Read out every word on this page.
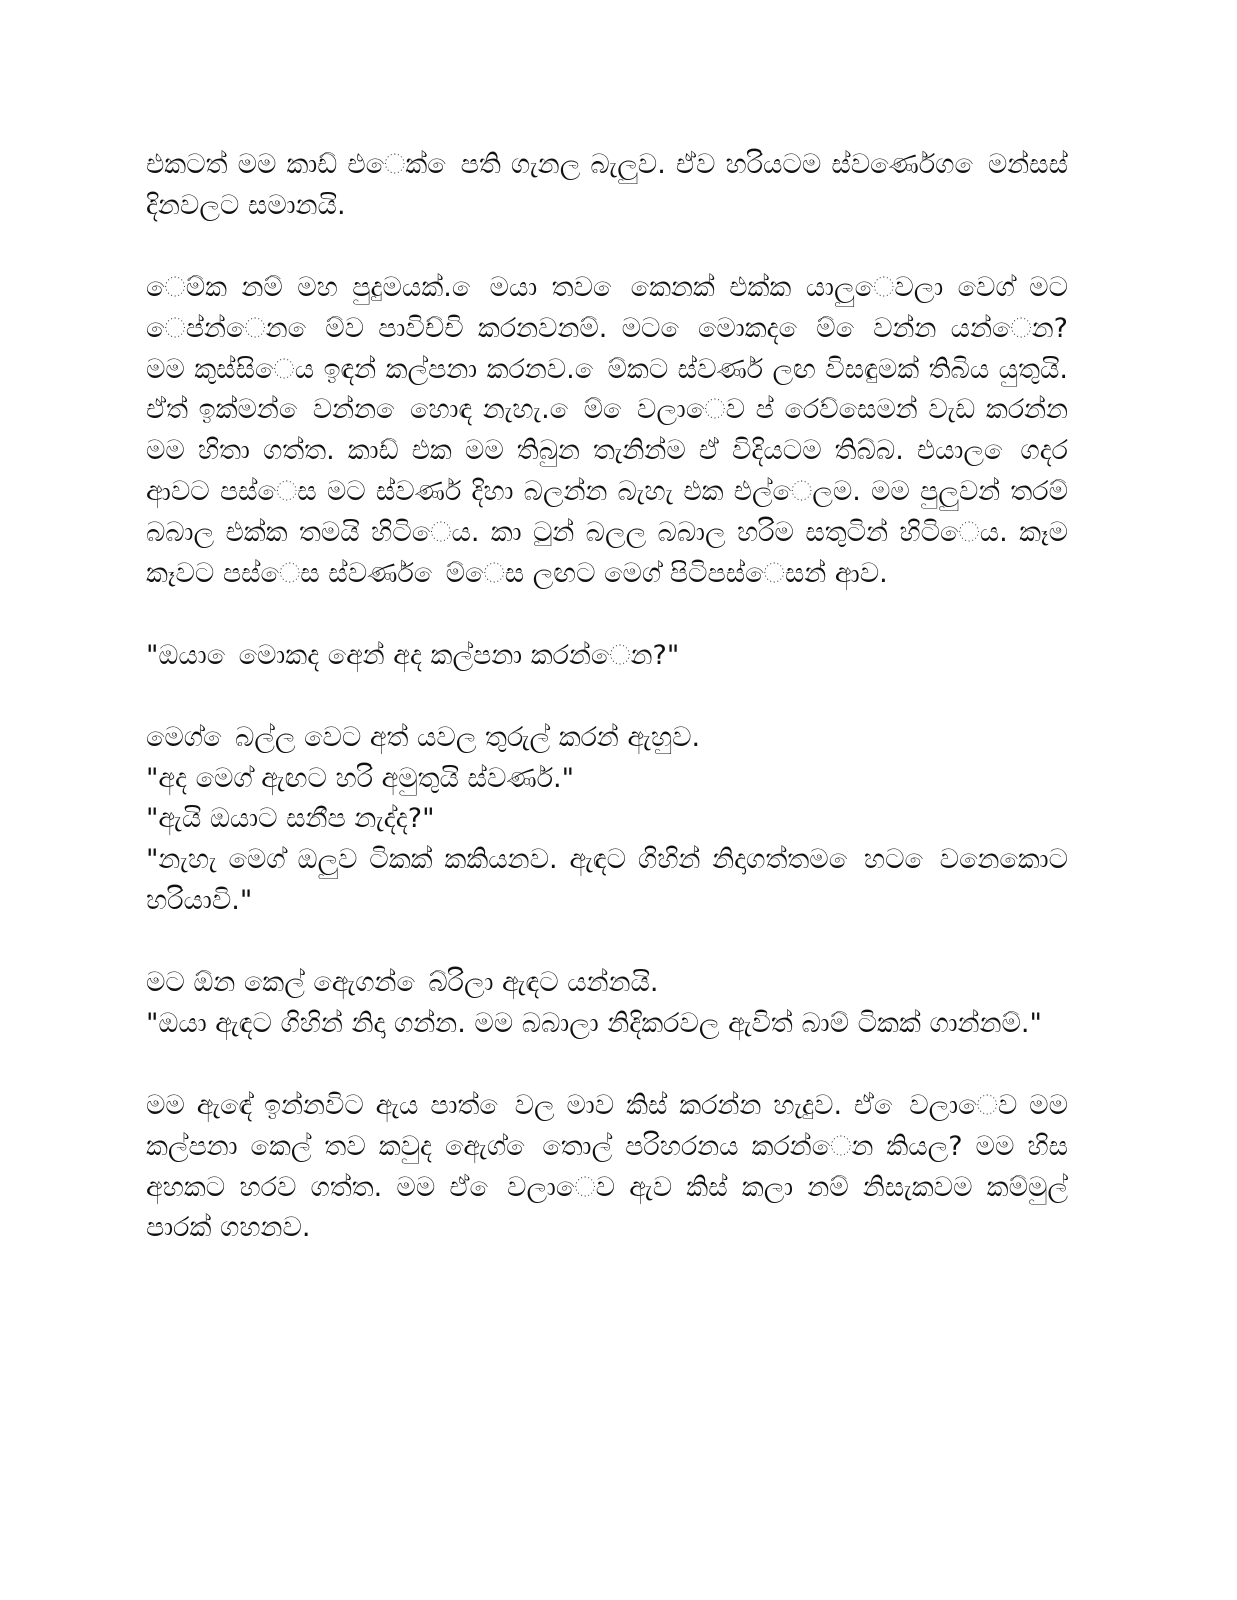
එකටත් මම කාඩ් එෙක් ෙපති ගැනල බැලුව. ඒව හරියටම ස්වර්ණෙග ෙමන්සස් දිනවලට සමානයි.

ෙම්ක නම් මහ පුදුමයක්. ෙමයා තව ෙකෙනක් එක්ක යාලුෙවලා වෙග් මට ෙප්න්ෙන ෙම්ව පාවිච්චි කරනවනම්. මට ෙමොකද ෙම් ෙවන්න යන්ෙන? මම කුස්සිෙය ඉඳන් කල්පනා කරනව. ෙම්කට ස්වර්ණ ලඟ විසඳුමක් තිබිය යුතුයි. ඒත් ඉක්මන් ෙවන්න ෙහොඳ නැහැ. ෙම් ෙවලාෙව ප් රෙව්සෙමන් වැඩ කරන්න මම හිතා ගත්ත. කාඩ් එක මම තිබුන තැනින්ම ඒ විදියටම තිබ්බ. එයාල ෙගදර ආවට පස්ෙස මට ස්වර්ණ දිහා බලන්න බැහැ එක එල්ෙලම. මම පුලුවන් තරම් බබාල එක්ක තමයි හිටිෙය. කා ටුන් බලල බබාල හරිම සතුටින් හිටිෙය. කෑම කෑවට පස්ෙස ස්වර්ණ ෙම්ෙස ලඟට මෙග් පිටිපස්ෙසන් ආව.

"ඔයා ෙමොකද අෙන් අද කල්පනා කරන්ෙන?"

මෙග් ෙබල්ල වෙට අත් යවල තුරුල් කරන් ඇහුව.

"අද මෙග් ඇඟට හරි අමුතුයි ස්වර්ණ."

"ඇයි ඔයාට සනීප නැද්ද?"

"නැහැ මෙග් ඔලුව ටිකක් කකියනව. ඇඳට ගිහින් නිදාගත්තම ෙහට ෙවනෙකොට හරියාවි."

මට ඕන කෙල් ඇෙගන් ෙබ්රිලා ඇඳට යන්නයි.

"ඔයා ඇඳට ගිහින් නිදා ගන්න. මම බබාලා නිදිකරවල ඇවිත් බාම් ටිකක් ගාන්නම්."

මම ඇඳේ ඉන්නවිට ඇය පාත් ෙවල මාව කිස් කරන්න හැදුව. ඒ ෙවලාෙව මම කල්පනා කෙල් තව කවුද ඇෙග් ෙතොල් පරිහරනය කරන්ෙන කියල? මම හිස අහකට හරව ගත්ත. මම ඒ ෙවලාෙව ඇව කිස් කලා නම් නිසැකවම කම්මුල් පාරක් ගහනව.
